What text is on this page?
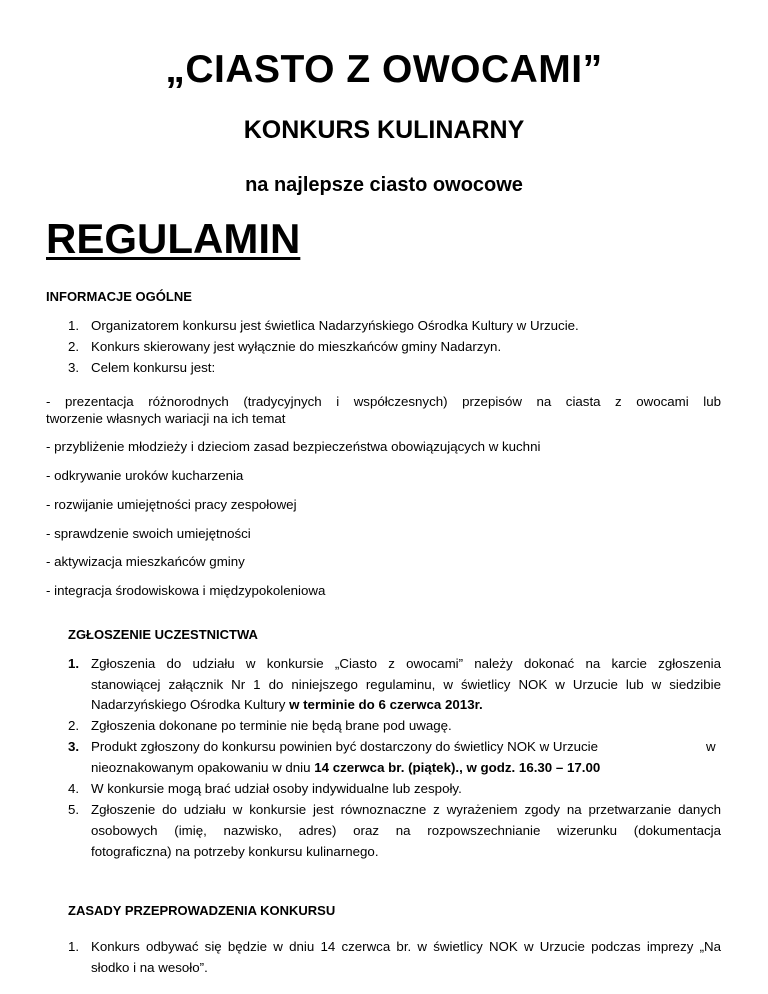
„CIASTO Z OWOCAMI”
KONKURS KULINARNY
na najlepsze ciasto owocowe
REGULAMIN
INFORMACJE OGÓLNE
1. Organizatorem konkursu jest świetlica Nadarzyńskiego Ośrodka Kultury w Urzucie.
2. Konkurs skierowany jest wyłącznie do mieszkańców gminy Nadarzyn.
3. Celem konkursu jest:
- prezentacja różnorodnych (tradycyjnych i współczesnych) przepisów na ciasta z owocami lub
tworzenie własnych wariacji na ich temat
- przybliżenie młodzieży i dzieciom zasad bezpieczeństwa obowiązujących w kuchni
- odkrywanie uroków kucharzenia
- rozwijanie umiejętności pracy zespołowej
- sprawdzenie swoich umiejętności
- aktywizacja mieszkańców gminy
- integracja środowiskowa i międzypokoleniowa
ZGŁOSZENIE UCZESTNICTWA
1. Zgłoszenia do udziału w konkursie „Ciasto z owocami” należy dokonać na karcie zgłoszenia
stanowiącej załącznik Nr 1 do niniejszego regulaminu, w świetlicy NOK w Urzucie lub w siedzibie
Nadarzyńskiego Ośrodka Kultury w terminie do 6 czerwca 2013r.
2. Zgłoszenia dokonane po terminie nie będą brane pod uwagę.
3. Produkt zgłoszony do konkursu powinien być dostarczony do świetlicy NOK w Urzucie	w
nieoznakowanym opakowaniu w dniu 14 czerwca br. (piątek)., w godz. 16.30 – 17.00
4. W konkursie mogą brać udział osoby indywidualne lub zespoły.
5. Zgłoszenie do udziału w konkursie jest równoznaczne z wyrażeniem zgody na przetwarzanie danych
osobowych (imię, nazwisko, adres) oraz na rozpowszechnianie wizerunku (dokumentacja
fotograficzna) na potrzeby konkursu kulinarnego.
ZASADY PRZEPROWADZENIA KONKURSU
1. Konkurs odbywać się będzie w dniu 14 czerwca br. w świetlicy NOK w Urzucie podczas imprezy „Na
słodko i na wesoło”.
